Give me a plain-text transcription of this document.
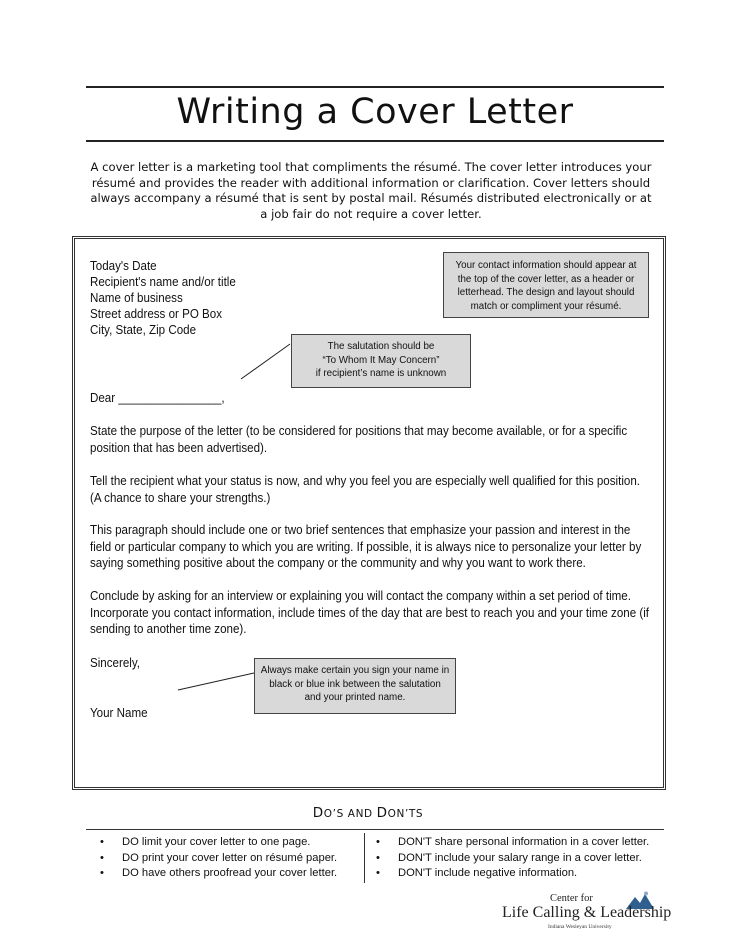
Writing a Cover Letter
A cover letter is a marketing tool that compliments the résumé. The cover letter introduces your
résumé and provides the reader with additional information or clarification. Cover letters should
always accompany a résumé that is sent by postal mail. Résumés distributed electronically or at
a job fair do not require a cover letter.
Today's Date
Recipient's name and/or title
Name of business
Street address or PO Box
City, State, Zip Code
Dear ________________,
State the purpose of the letter (to be considered for positions that may become available, or for a specific position that has been advertised).
Tell the recipient what your status is now, and why you feel you are especially well qualified for this position. (A chance to share your strengths.)
This paragraph should include one or two brief sentences that emphasize your passion and interest in the field or particular company to which you are writing. If possible, it is always nice to personalize your letter by saying something positive about the company or the community and why you want to work there.
Conclude by asking for an interview or explaining you will contact the company within a set period of time. Incorporate you contact information, include times of the day that are best to reach you and your time zone (if sending to another time zone).
Sincerely,
Your Name
Your contact information should appear at
the top of the cover letter, as a header or
letterhead. The design and layout should
match or compliment your résumé.
The salutation should be
“To Whom It May Concern”
if recipient’s name is unknown
Always make certain you sign your name in
black or blue ink between the salutation
and your printed name.
DO’S AND DON’TS
• DO limit your cover letter to one page.
• DO print your cover letter on résumé paper.
• DO have others proofread your cover letter.
• DON'T share personal information in a cover letter.
• DON'T include your salary range in a cover letter.
• DON'T include negative information.
Center for
Life Calling & Leadership
Indiana Wesleyan University
